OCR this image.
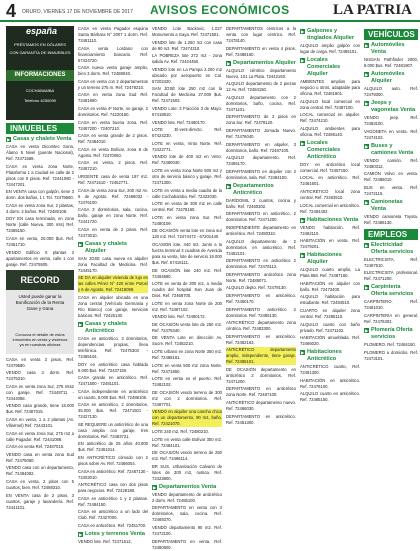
4 ORURO, VIERNES 17 DE NOVIEMBRE DE 2017 AVISOS ECONÓMICOS	LA PATRIA
españa
PRÉSTAMOS EN DÓLARES
CON GARANTÍA DE INMUEBLES
INFORMACIONES
COCHABAMBA
Teléfono 4250099
INMUEBLES
▶ Casas y chalets Venta
CASA en venta Dicomtec Soria, Álamo 5 Nivel (puente Nacional), Ref. 72471588.
CASA en venta zona Norte, Plataforma 1 a Ciudad en calle de 2 pisos con 8 pisos. Ref. 72441080 - 72447201.
EN VENTA casa con galpón, tiene 3 dorm. dos baños, 1 t. Tel. 72479560.
CASA en venta zona Sur, 2 plantas, 3 dorm. 2 baños. Ref. 72480108.
DOY EN casa terminada, en zona Norte (calle Nueva, 300 mts) Ref. 72485150.
CASA en venta, 20.000 $us. Ref. 72451710.
VENDO Edificio 5 plantas 3 apartamentos en venta, calle 1 con garaje. Ref. 72479505.
RECORD
Usted puede ganar la Bonificación de la Renta Gane y Gana
Conozca el detalle de estos inmuebles en venta y visítenos ya en nuestras oficinas
CASA en venta 3 pisos, Ref. 72479580.
VENDO casa 3 dorm. Ref. 72475310.
CASA en venta zona Sur, 275 mts2 con garaje. Ref. 72448711 - 72444088.
VENDO casa grande, tiene 18.000 $us. Ref. 72487015.
CASA en venta, 1 a 2 plantas (Av. Villarroel) Ref. 72443101.
CASA en venta zona Sur, 275 m2 a calle Pagador. Ref. 72441088.
CASA en venta Ref. 72487015.
VENDO casa en venta zona Sud Ref. 72475060.
VENDO casa con un departamento, Ref. 72484082.
CASA en venta, 2 pisos con 5 cuartos, bien. Ref. 72488310.
EN VENTA casa de 2 pisos, 3 cuartos, garaje y lavandería. Ref. 72441101.
CASA en venta Pagador esquina Santa Bárbara N° 2007 1 dorm. Ref. 72481110.
CASA venta Lordano con financiamiento bancario. Ref. 67424720.
CASA nueva venta garaje amplio, bien 3 dorm. Ref. 72486040.
CASA en venta con 2 departamentos y un terreno 275 m. Ref. 72479210.
CASA en venta zona Sud Ref. 72481890.
CASA en venta 4º Norte, no garaje, 2 dormitorios. Ref. 74220150.
CASA en venta buena zona. Ref. 72487200 - 72407210.
CASA en venta grande de 2 pisos. Ref. 72484010.
CASA en venta Bolívar, zona 6 de Agosto. Ref. 72470060.
CASA en venta, 2 pisos. Ref. 72487210.
URGENTE casa de venta 197 m2. Ref. 72471510 - 72452771.
CASA de venta zona Sur, 200 m2 Av. 6 de Agosto. Ref. 72486032 - 72476100.
CASA 3 dormitorios, sala, cocina, baño, garaje en zona Norte. Ref. 72441720.
CASA en venta de 2 pisos. Ref. 72473010.
▶ Casas y chalets Alquiler
SAN JOSE casa nueva en alquiler zona Facultad de Medicina. Ref. 72445170.
SE DA en alquiler vivienda de lujo en las calles Pérez N° 420 entre Potosí y 6 de Agosto. Ref. 72418099.
CASA en alquiler ubicada en una zona central (Vehículo Germania y Río Blanco) con garaje, servicios básicos. Ref. 72425130.
▶ Casas y chalets Anticrético
CASA en anticrético, 3 dormitorios, dependencias propias, línea telefónica. Ref. 72475303 - 72485104.
DOY en anticrético casa hablada 6.000 $us. Ref. 72437150.
CASA grande en anticrético. Ref. 72471500 - 72481101.
CASA independiente en anticrético un cuarto, 8.000 $us. Ref. 72488105.
CASA en anticrético, 2 dormitorios, 35.000 $us. Ref. 72471501 - 72427130.
SE REQUIERE un anticrético de una casa amplia con garaje, tres dormitorios. Ref. 72483721.
EN anticrético de 25 años 40.000 $us. Ref. 72461014.
EN ANTICRÉTICO cómodo con 2 pisos sobre Av. Ref. 72486054.
CASA en anticrético. Ref. 72467130 - 72403010.
ANTICRÉTICO casa con dos pisos para negocios. Ref. 72428180.
CASA en anticrético 1 y 2 plantas. Ref. 72484150.
CASA en anticrético a un lado del Club. Ref. 72427000.
CASA en anticrético. Ref. 72451700.
▶ Lotes y terrenos Venta
VENDO lote. Ref. 72471512.
VENDO Lote Backovic, 1.027 Monumento a Gaya. Ref. 72471501.
VENDO lote de 1.250 m2 con casa de 90 m2. Ref. 72474310.
LA POBREZA lote 272 m2 - zona salida Av. Ref. 72424450.
VENDO lote en La Pampa 2.200 m2 ubicado por aeropuerto en Cal. 67202420.
SAN JOSÉ lote 250 m2 con la Facultad de Medicina 27.000 $us. Ref. 72471503.
VENDO Lote: 3 Fracción 3 de Mayo. 67418810.
VENDO lote. Ref. 72460170.
LOTE El-vent-directo. Ref. 67424230.
LOTE en venta, Vinto Norte. Ref. 72422771.
VENDO lote de 400 m2 en Vinto. Ref. 72480040.
LOTE en venta zona Norte 500 m2 y otro de servicio básico y garaje. Ref. 72471300.
LOTE en venta a media cuadra de la calle Cochabamba. Ref. 72422030.
LOTE en venta de 300 m2 en calle central. Ref. 72478160.
LOTE en venta zona Sur. Ref. 72480109.
DE OCASIÓN venta lote en zona sur 120 m2. Ref. 72474472 - 67201440.
OCASIÓN lote, 440 m2. Junto a la fuerza terminal 3 cuadras de Avenida para su venta, lote de servicio 18.000 $us. Ref. 67418111.
DE OCASIÓN lote 240 m2. Ref. 72494580.
LOTE en venta de 300 m2, a media cuadra del hospital San Juan de Dios. Ref. 72468700.
LOTE en venta zona Norte de 200 m2. Ref. 72487102.
VENDO lote. Ref. 72490172.
DE OCASIÓN venta lote de 250 m2. Ref. 72475340.
DE VENTA Lote en dirección Av. Sucre. Ref. 72482210.
LOTE urbano en zona Norte 350 m2. Ref. 72488161.
LOTE en venta 500 m2 zona Norte. Ref. 72471850.
LOTE en venta en el puerto. Ref. 72482102.
DE OCASIÓN vendo terreno de 300 m2 con 2 dormitorios. Ref. 72487701.
VENDO en alquiler una cancha chica con un departamento, 90 m2, baño. Ref. 72421070.
LOTE 240 m2, Ref. 72480210.
LOTE en venta calle Bolívar 350 m2. Ref. 72484101.
DE OCASIÓN vendo terreno de 250 m2. Ref. 72486114.
BR SUS. Urbanización Calvario de lotes de 300 m2, rustica. Ref. 72423800.
▶ Departamentos Venta
VENDO departamento de anticrético 2 dorm. Ref. 72485100.
DEPARTAMENTO en venta con 3 dormitorios, sala, cocina. Ref. 72469370.
VENDO departamento 90 m2. Ref. 72472100.
DEPARTAMENTO en venta. Ref. 72480600.
DEPARTAMENTOS céntricos a la venta con lugar céntrico. Ref. 72478140.
DEPARTAMENTO en venta 4 pisos. Ref. 72488160.
▶ Departamentos Alquiler
ALQUILO céntrico departamento Nuevo, 101 La Plata. 72442150.
ALQUILO departamento de 2 piezas 12 Av. Ref. 72484150.
ALQUILO departamento con 2 dormitorios, baño, cocina. Ref. 72471101.
DEPARTAMENTO de 2 pisos en zona Sur. Ref. 72478120.
DEPARTAMENTO Jornada Nuevo. Ref. 72476040.
DEPARTAMENTO en alquiler, 3 dormitorios, baño. Ref. 72487100.
ALQUILO departamento. Ref. 72485170.
DEPARTAMENTO en alquiler con 2 dormitorios, sala. Ref. 72484150.
▶ Departamentos Anticrético
DAR/DOMIL 2 cuartos, cocina y baño. Ref. 72460302.
DEPARTAMENTO en anticrético, 2 dormitorios. Ref. 72471200.
INDEPENDIENTE departamento en anticrético. Ref. 72480310.
ALQUILO departamento de 2 dormitorios en anticrético. Ref. 72482101.
DEPARTAMENTO en anticrético 2 dormitorios. Ref. 72476112.
DEPARTAMENTO anticrético zona Norte. Ref. 72485071.
ALQUILO depto. Ref. 72479130.
DEPARTAMENTO en anticrético. Ref. 72460170.
DEPARTAMENTO anticrético 2 dormitorios. Ref. 72485130.
ANTICRÉTICO departamento zona céntrica. Ref. 72483300.
DEPARTAMENTO en anticrético. Ref. 72482163.
ANTICRÉTICO departamento amplio, independiente, tiene garaje. Ref. 72485101.
DE OCASIÓN departamento en anticrético 2 dormitorios. Ref. 72471200.
DEPARTAMENTO en anticrético zona Norte. Ref. 72487100.
ANTICRÉTICO departamento nuevo. Ref. 72466030.
DEPARTAMENTO en anticrético. Ref. 72451300.
▶ Galpones y tinglados Alquiler
ALQUILO amplio galpón con lugar de carga. Ref. 72485101.
▶ Locales Comerciales Alquiler
AMBIENTES amplios para negocio u otros, adaptable para oficina. Ref. 72481901.
ALQUILO local comercial en zona central. Ref. 72487100.
LOCAL comercial en alquiler. Ref. 72474210.
ALQUILO ambientes para oficina. Ref. 72486140.
▶ Locales Comerciales Anticrético
DOY en anticrético local comercial. Ref. 72487150.
LOCAL en anticrético. Ref. 72481601.
ANTICRÉTICO local zona central. Ref. 72463510.
LOCAL comercial en anticrético. Ref. 72484402.
▶ Habitaciones Venta
VENDO habitación. Ref. 72482110.
HABITACIÓN en venta. Ref. 72479201.
▶ Habitaciones Alquiler
ALQUILO cuarto amplio, La Plata 658. Ref. 72487160.
HABITACIÓN en alquiler con baño. Ref. 72473400.
ALQUILO habitación para estudiante. Ref. 72484510.
CUARTO en alquiler zona central. Ref. 72485110.
ALQUILO cuarto con baño privado. Ref. 72471102.
HABITACIÓN amueblada. Ref. 72466020.
▶ Habitaciones Anticrético
ANTICRÉTICO cuarto, Ref. 72481300.
HABITACIÓN en anticrético. Ref. 72476100.
ALQUILO cuarto en anticrético. Ref. 72485150.
VEHÍCULOS
▶ Automóviles Venta
NISSAN Pathfinder 2000, 8.000 $us. Ref. 72481907.
▶ Automóviles Alquiler
ALQUILO auto. Ref. 72479300.
▶ Jeeps y vagonetas Venta
VENDO jeep. Ref. 72483100.
VAGONETA en venta. Ref. 72474102.
▶ Buses y camiones Venta
VENDO camión. Ref. 72480312.
CAMIÓN Volvo en venta. Ref. 72486010.
BUS en venta. Ref. 72472115.
▶ Camionetas Venta
VENDO camioneta Toyota. Ref. 72486130.
EMPLEOS
▶ Electricidad Oferta servicios
ELECTRICISTA. Ref. 72487510.
ELECTRICISTA profesional. Ref. 72471200.
▶ Carpintería Oferta servicios
CARPINTERO. Ref. 72481010.
CARPINTERÍA en general. Ref. 72476302.
▶ Plomería Oferta servicios
PLOMERO. Ref. 72484150.
PLOMERO a domicilio. Ref. 72473101.
